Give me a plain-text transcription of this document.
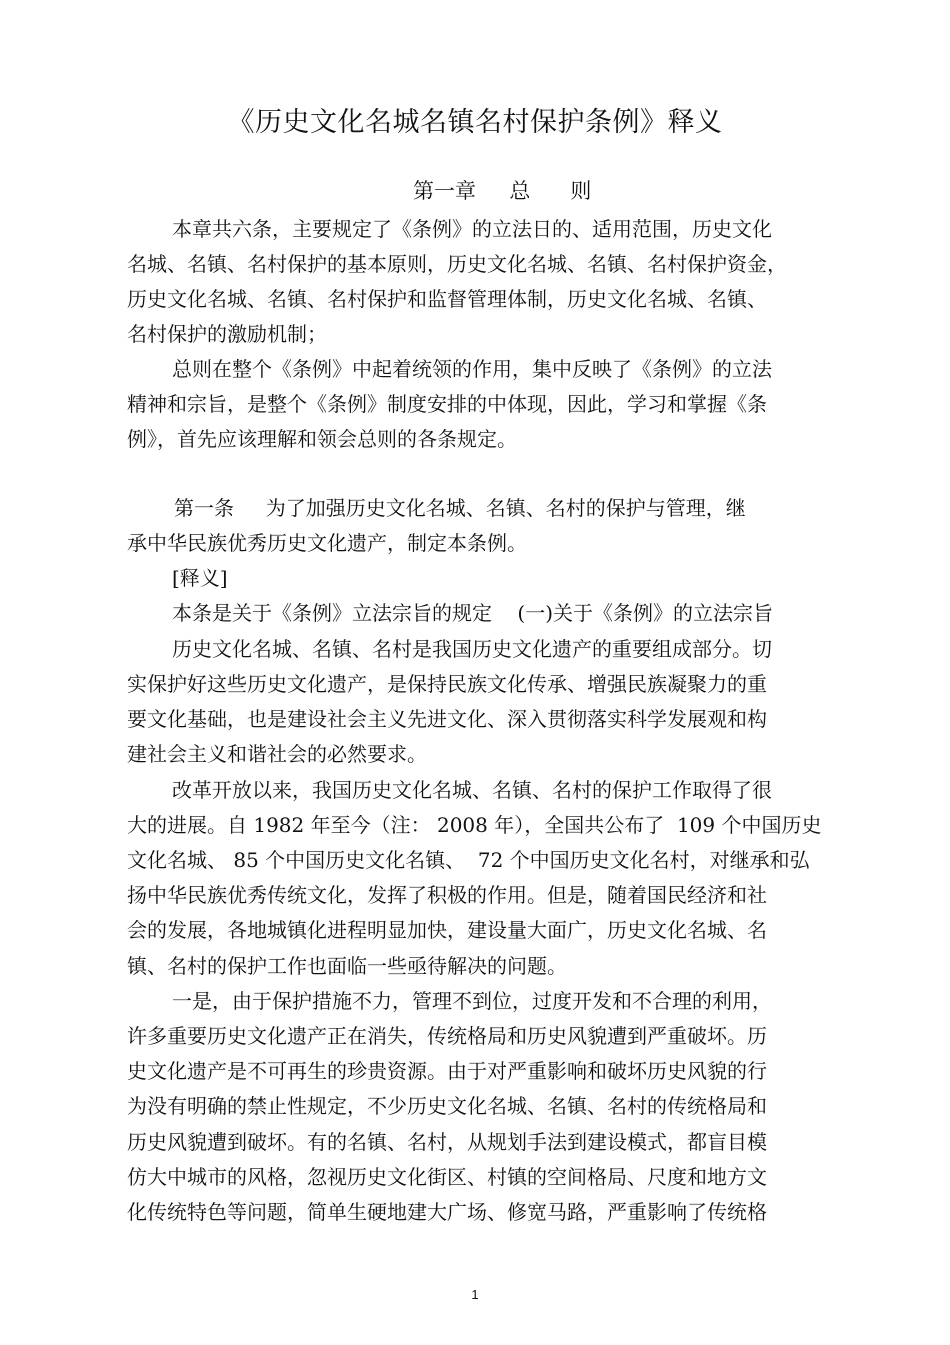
《历史文化名城名镇名村保护条例》释义
第一章     总      则
本章共六条，主要规定了《条例》的立法日的、适用范围，历史文化
名城、名镇、名村保护的基本原则，历史文化名城、名镇、名村保护资金，
历史文化名城、名镇、名村保护和监督管理体制，历史文化名城、名镇、
名村保护的激励机制；
总则在整个《条例》中起着统领的作用，集中反映了《条例》的立法
精神和宗旨，是整个《条例》制度安排的中体现，因此，学习和掌握《条
例》，首先应该理解和领会总则的各条规定。
第一条     为了加强历史文化名城、名镇、名村的保护与管理，继
承中华民族优秀历史文化遗产，制定本条例。
[释义]
本条是关于《条例》立法宗旨的规定    (一)关于《条例》的立法宗旨
历史文化名城、名镇、名村是我国历史文化遗产的重要组成部分。切
实保护好这些历史文化遗产，是保持民族文化传承、增强民族凝聚力的重
要文化基础，也是建设社会主义先进文化、深入贯彻落实科学发展观和构
建社会主义和谐社会的必然要求。
改革开放以来，我国历史文化名城、名镇、名村的保护工作取得了很
大的进展。自 1982 年至今（注： 2008 年），全国共公布了  109 个中国历史
文化名城、 85 个中国历史文化名镇、  72 个中国历史文化名村，对继承和弘
扬中华民族优秀传统文化，发挥了积极的作用。但是，随着国民经济和社
会的发展，各地城镇化进程明显加快，建设量大面广，历史文化名城、名
镇、名村的保护工作也面临一些亟待解决的问题。
一是，由于保护措施不力，管理不到位，过度开发和不合理的利用，
许多重要历史文化遗产正在消失，传统格局和历史风貌遭到严重破坏。历
史文化遗产是不可再生的珍贵资源。由于对严重影响和破坏历史风貌的行
为没有明确的禁止性规定，不少历史文化名城、名镇、名村的传统格局和
历史风貌遭到破坏。有的名镇、名村，从规划手法到建设模式，都盲目模
仿大中城市的风格，忽视历史文化街区、村镇的空间格局、尺度和地方文
化传统特色等问题，简单生硬地建大广场、修宽马路，严重影响了传统格
1
